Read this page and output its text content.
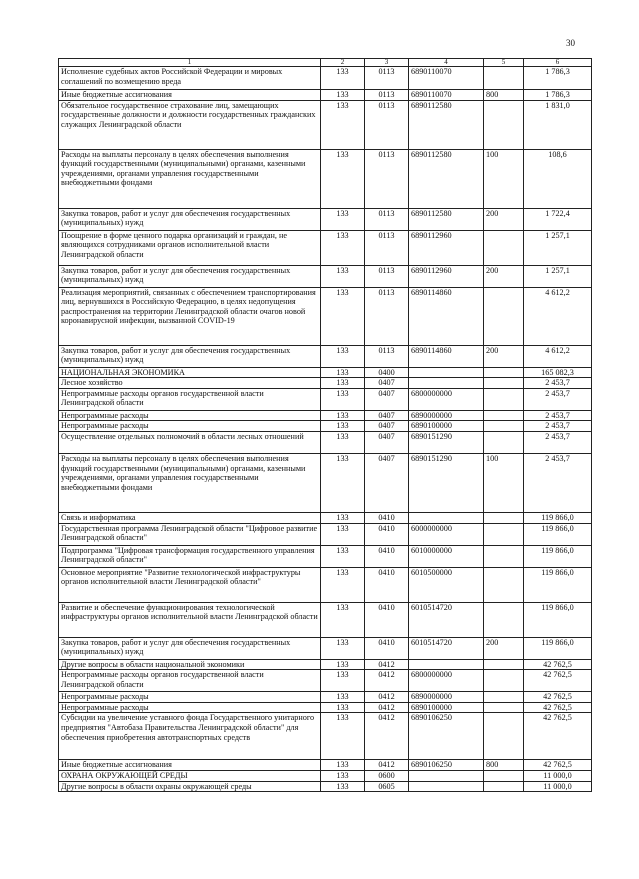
30
1	2	3	4	5	6
Исполнение судебных актов Российской Федерации и мировых соглашений по возмещению вреда	133	0113	6890110070		1 786,3
Иные бюджетные ассигнования	133	0113	6890110070	800	1 786,3
Обязательное государственное страхование лиц, замещающих государственные должности и должности государственных гражданских служащих Ленинградской области	133	0113	6890112580		1 831,0
Расходы на выплаты персоналу в целях обеспечения выполнения функций государственными (муниципальными) органами, казенными учреждениями, органами управления государственными внебюджетными фондами	133	0113	6890112580	100	108,6
Закупка товаров, работ и услуг для обеспечения государственных (муниципальных) нужд	133	0113	6890112580	200	1 722,4
Поощрение в форме ценного подарка организаций и граждан, не являющихся сотрудниками органов исполнительной власти Ленинградской области	133	0113	6890112960		1 257,1
Закупка товаров, работ и услуг для обеспечения государственных (муниципальных) нужд	133	0113	6890112960	200	1 257,1
Реализация мероприятий, связанных с обеспечением транспортирования лиц, вернувшихся в Российскую Федерацию, в целях недопущения распространения на территории Ленинградской области очагов новой коронавирусной инфекции, вызванной COVID-19	133	0113	6890114860		4 612,2
Закупка товаров, работ и услуг для обеспечения государственных (муниципальных) нужд	133	0113	6890114860	200	4 612,2
НАЦИОНАЛЬНАЯ ЭКОНОМИКА	133	0400			165 082,3
Лесное хозяйство	133	0407			2 453,7
Непрограммные расходы органов государственной власти Ленинградской области	133	0407	6800000000		2 453,7
Непрограммные расходы	133	0407	6890000000		2 453,7
Непрограммные расходы	133	0407	6890100000		2 453,7
Осуществление отдельных полномочий в области лесных отношений	133	0407	6890151290		2 453,7
Расходы на выплаты персоналу в целях обеспечения выполнения функций государственными (муниципальными) органами, казенными учреждениями, органами управления государственными внебюджетными фондами	133	0407	6890151290	100	2 453,7
Связь и информатика	133	0410			119 866,0
Государственная программа Ленинградской области "Цифровое развитие Ленинградской области"	133	0410	6000000000		119 866,0
Подпрограмма "Цифровая трансформация государственного управления Ленинградской области"	133	0410	6010000000		119 866,0
Основное мероприятие "Развитие технологической инфраструктуры органов исполнительной власти Ленинградской области"	133	0410	6010500000		119 866,0
Развитие и обеспечение функционирования технологической инфраструктуры органов исполнительной власти Ленинградской области	133	0410	6010514720		119 866,0
Закупка товаров, работ и услуг для обеспечения государственных (муниципальных) нужд	133	0410	6010514720	200	119 866,0
Другие вопросы в области национальной экономики	133	0412			42 762,5
Непрограммные расходы органов государственной власти Ленинградской области	133	0412	6800000000		42 762,5
Непрограммные расходы	133	0412	6890000000		42 762,5
Непрограммные расходы	133	0412	6890100000		42 762,5
Субсидии на увеличение уставного фонда Государственного унитарного предприятия "Автобаза Правительства Ленинградской области" для обеспечения приобретения автотранспортных средств	133	0412	6890106250		42 762,5
Иные бюджетные ассигнования	133	0412	6890106250	800	42 762,5
ОХРАНА ОКРУЖАЮЩЕЙ СРЕДЫ	133	0600			11 000,0
Другие вопросы в области охраны окружающей среды	133	0605			11 000,0
